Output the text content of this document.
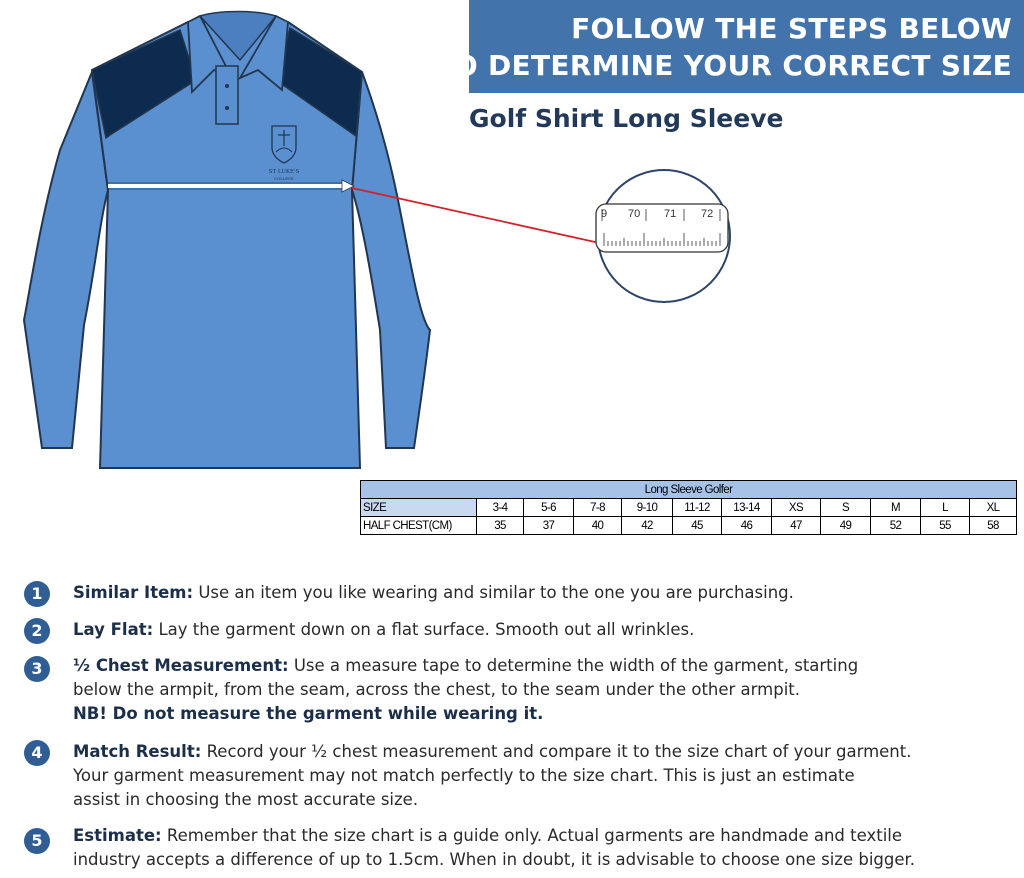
FOLLOW THE STEPS BELOW
TO DETERMINE YOUR CORRECT SIZE
Golf Shirt Long Sleeve
ST LUKE'S
COLLEGE
9 70 71 72
Long Sleeve Golfer											
SIZE	3-4	5-6	7-8	9-10	11-12	13-14	XS	S	M	L	XL
HALF CHEST(CM)	35	37	40	42	45	46	47	49	52	55	58
1	Similar Item: Use an item you like wearing and similar to the one you are purchasing.
2	Lay Flat: Lay the garment down on a flat surface. Smooth out all wrinkles.
3	½ Chest Measurement: Use a measure tape to determine the width of the garment, starting
below the armpit, from the seam, across the chest, to the seam under the other armpit.
NB! Do not measure the garment while wearing it.
4	Match Result: Record your ½ chest measurement and compare it to the size chart of your garment.
Your garment measurement may not match perfectly to the size chart. This is just an estimate
assist in choosing the most accurate size.
5	Estimate: Remember that the size chart is a guide only. Actual garments are handmade and textile
industry accepts a difference of up to 1.5cm. When in doubt, it is advisable to choose one size bigger.
